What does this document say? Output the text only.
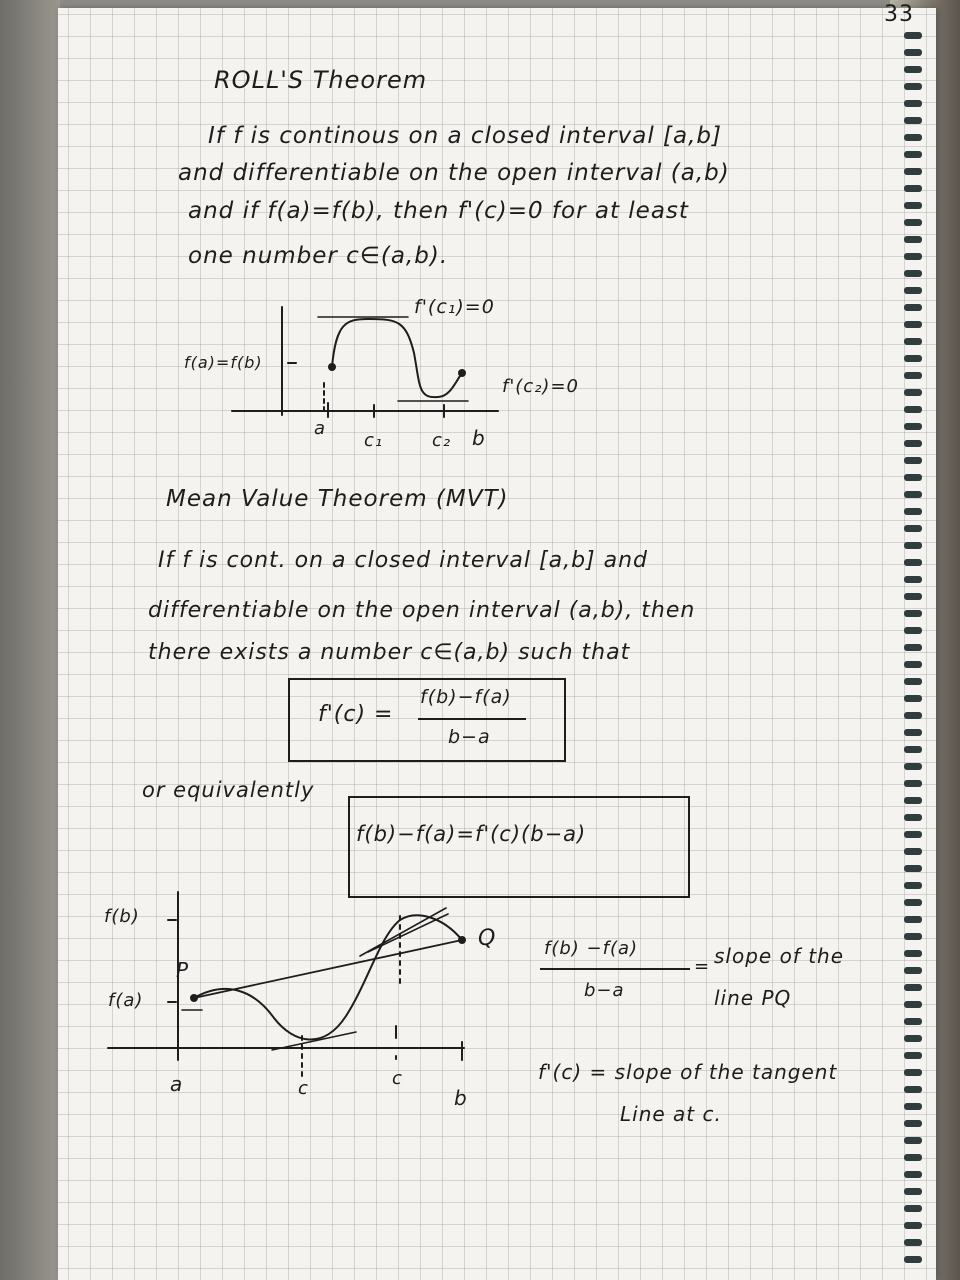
33
ROLL'S Theorem
If f is continous on a closed interval [a,b]
and differentiable on the open interval (a,b)
and if f(a)=f(b), then f'(c)=0 for at least
one number c∈(a,b).
f(a)=f(b)
f'(c₁)=0
f'(c₂)=0
a
c₁	c₂ b
Mean Value Theorem (MVT)
If f is cont. on a closed interval [a,b] and
differentiable on the open interval (a,b), then
there exists a number c∈(a,b) such that
f'(c) =
f(b)−f(a)
b−a
or equivalently
f(b)−f(a)=f'(c)(b−a)
f(b)
f(a)
P
Q
a	c	c
b
f(b) −f(a)
b−a
= slope of the
line PQ
f'(c) = slope of the tangent
Line at c.
